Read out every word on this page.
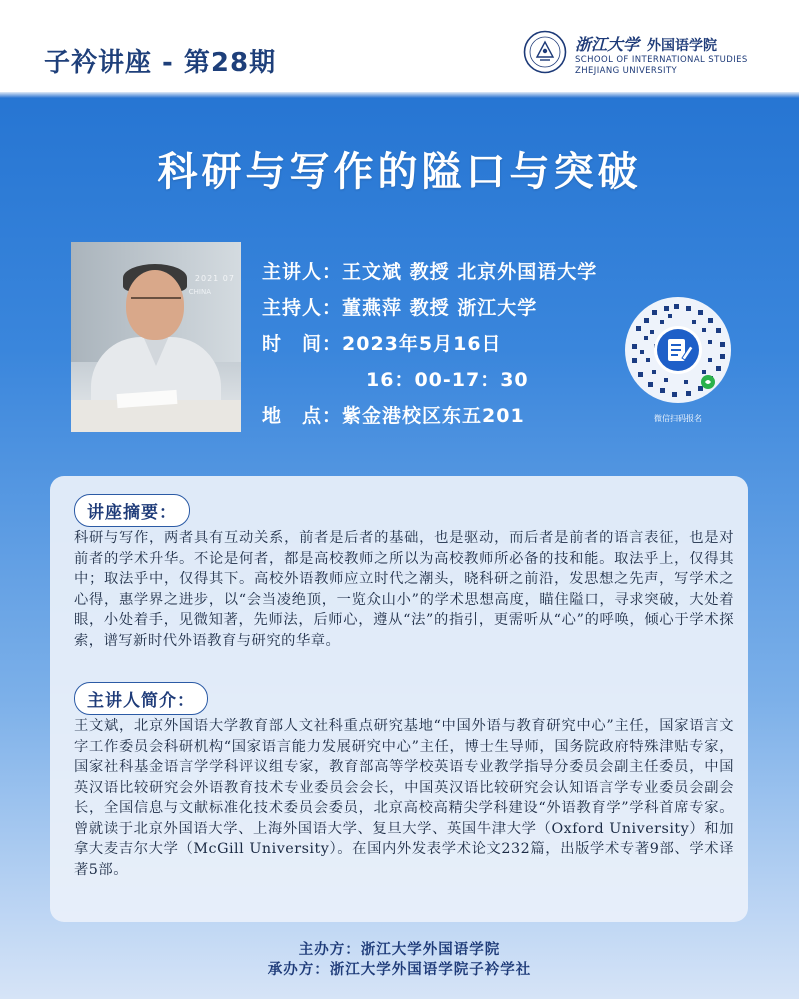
子衿讲座 - 第28期
浙江大学 外国语学院
SCHOOL OF INTERNATIONAL STUDIES
ZHEJIANG UNIVERSITY
科研与写作的隘口与突破
2021 07
CHINA
主讲人：王文斌 教授 北京外国语大学
主持人：董燕萍 教授 浙江大学
时　间：2023年5月16日
16：00-17：30
地　点：紫金港校区东五201	微信扫码报名
讲座摘要：
科研与写作，两者具有互动关系，前者是后者的基础，也是驱动，而后者是前者的语言表征，也是对前者的学术升华。不论是何者，都是高校教师之所以为高校教师所必备的技和能。取法乎上，仅得其中；取法乎中，仅得其下。高校外语教师应立时代之潮头，晓科研之前沿，发思想之先声，写学术之心得，惠学界之进步，以“会当凌绝顶，一览众山小”的学术思想高度，瞄住隘口，寻求突破，大处着眼，小处着手，见微知著，先师法，后师心，遵从“法”的指引，更需听从“心”的呼唤，倾心于学术探索，谱写新时代外语教育与研究的华章。
主讲人简介：
王文斌，北京外国语大学教育部人文社科重点研究基地“中国外语与教育研究中心”主任，国家语言文字工作委员会科研机构“国家语言能力发展研究中心”主任，博士生导师，国务院政府特殊津贴专家，国家社科基金语言学学科评议组专家，教育部高等学校英语专业教学指导分委员会副主任委员，中国英汉语比较研究会外语教育技术专业委员会会长，中国英汉语比较研究会认知语言学专业委员会副会长，全国信息与文献标准化技术委员会委员，北京高校高精尖学科建设“外语教育学”学科首席专家。曾就读于北京外国语大学、上海外国语大学、复旦大学、英国牛津大学（Oxford University）和加拿大麦吉尔大学（McGill University）。在国内外发表学术论文232篇，出版学术专著9部、学术译著5部。
主办方：浙江大学外国语学院
承办方：浙江大学外国语学院子衿学社
